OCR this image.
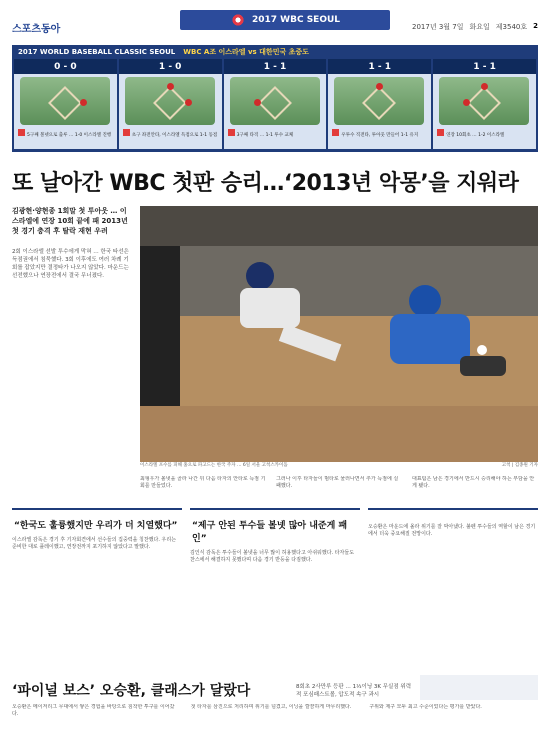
스포츠동아	2017년 3월 7일 화요일 제3540호 2
2017 WBC SEOUL
2017 WORLD BASEBALL CLASSIC SEOUL WBC A조 이스라엘 vs 대한민국 초중도
0 - 0
5구째 볼넷으로 출루 … 1-0 이스라엘 진행
1 - 0
초구 좌전안타, 이스라엘 득점으로 1-1 동점
1 - 1
3구째 타격 … 1-1 투수 교체
1 - 1
우투수 직전타, 투아웃 만들어 1-1 유지
1 - 1
연장 10회초 … 1-2 이스라엘
또 날아간 WBC 첫판 승리…‘2013년 악몽’을 지워라
김광현·양현종 1회말 첫 투아웃 … 이스라엘에 연장 10회 끝에 패 2013년 첫 경기 충격 후 탈락 재현 우려
2회 이스라엘 선발 투수에게 막혀 … 한국 타선은 득점권에서 침묵했다. 3회 이후에도 여러 차례 기회를 잡았지만 결정타가 나오지 않았다. 마운드는 선전했으나 연장전에서 결국 무너졌다.
이스라엘 포수를 피해 홈으로 파고드는 한국 주자 … 6일 서울 고척스카이돔	고척 | 김종원 기자

최형우가 볼넷을 골라 나간 뒤 다음 타자의 안타로 득점 기회를 만들었다.

그러나 이후 타자들이 범타로 물러나면서 추가 득점에 실패했다.

대표팀은 남은 경기에서 반드시 승리해야 하는 부담을 안게 됐다.

“한국도 훌륭했지만 우리가 더 치열했다”

이스라엘 감독은 경기 후 기자회견에서 선수들의 집중력을 칭찬했다. 우리는 준비한 대로 플레이했고, 연장전까지 포기하지 않았다고 말했다.

“제구 안된 투수들 볼넷 많아 내준게 패인”

김인식 감독은 투수들이 볼넷을 너무 많이 허용했다고 아쉬워했다. 타자들도 찬스에서 해결하지 못했다며 다음 경기 반등을 다짐했다.

오승환은 마운드에 올라 위기를 잘 막아냈다. 불펜 투수들의 역할이 남은 경기에서 더욱 중요해질 전망이다.

‘파이널 보스’ 오승환, 클래스가 달랐다	8회초 2사만루 등판 … 1⅓이닝 3K 무실점 위력적 포심패스트볼, 압도적 속구 과시

오승환은 메이저리그 무대에서 쌓은 경험을 바탕으로 침착한 투구를 이어갔다.

첫 타자를 삼진으로 처리하며 위기를 넘겼고, 이닝을 깔끔하게 마무리했다.	구위와 제구 모두 최고 수준이었다는 평가를 받았다.
